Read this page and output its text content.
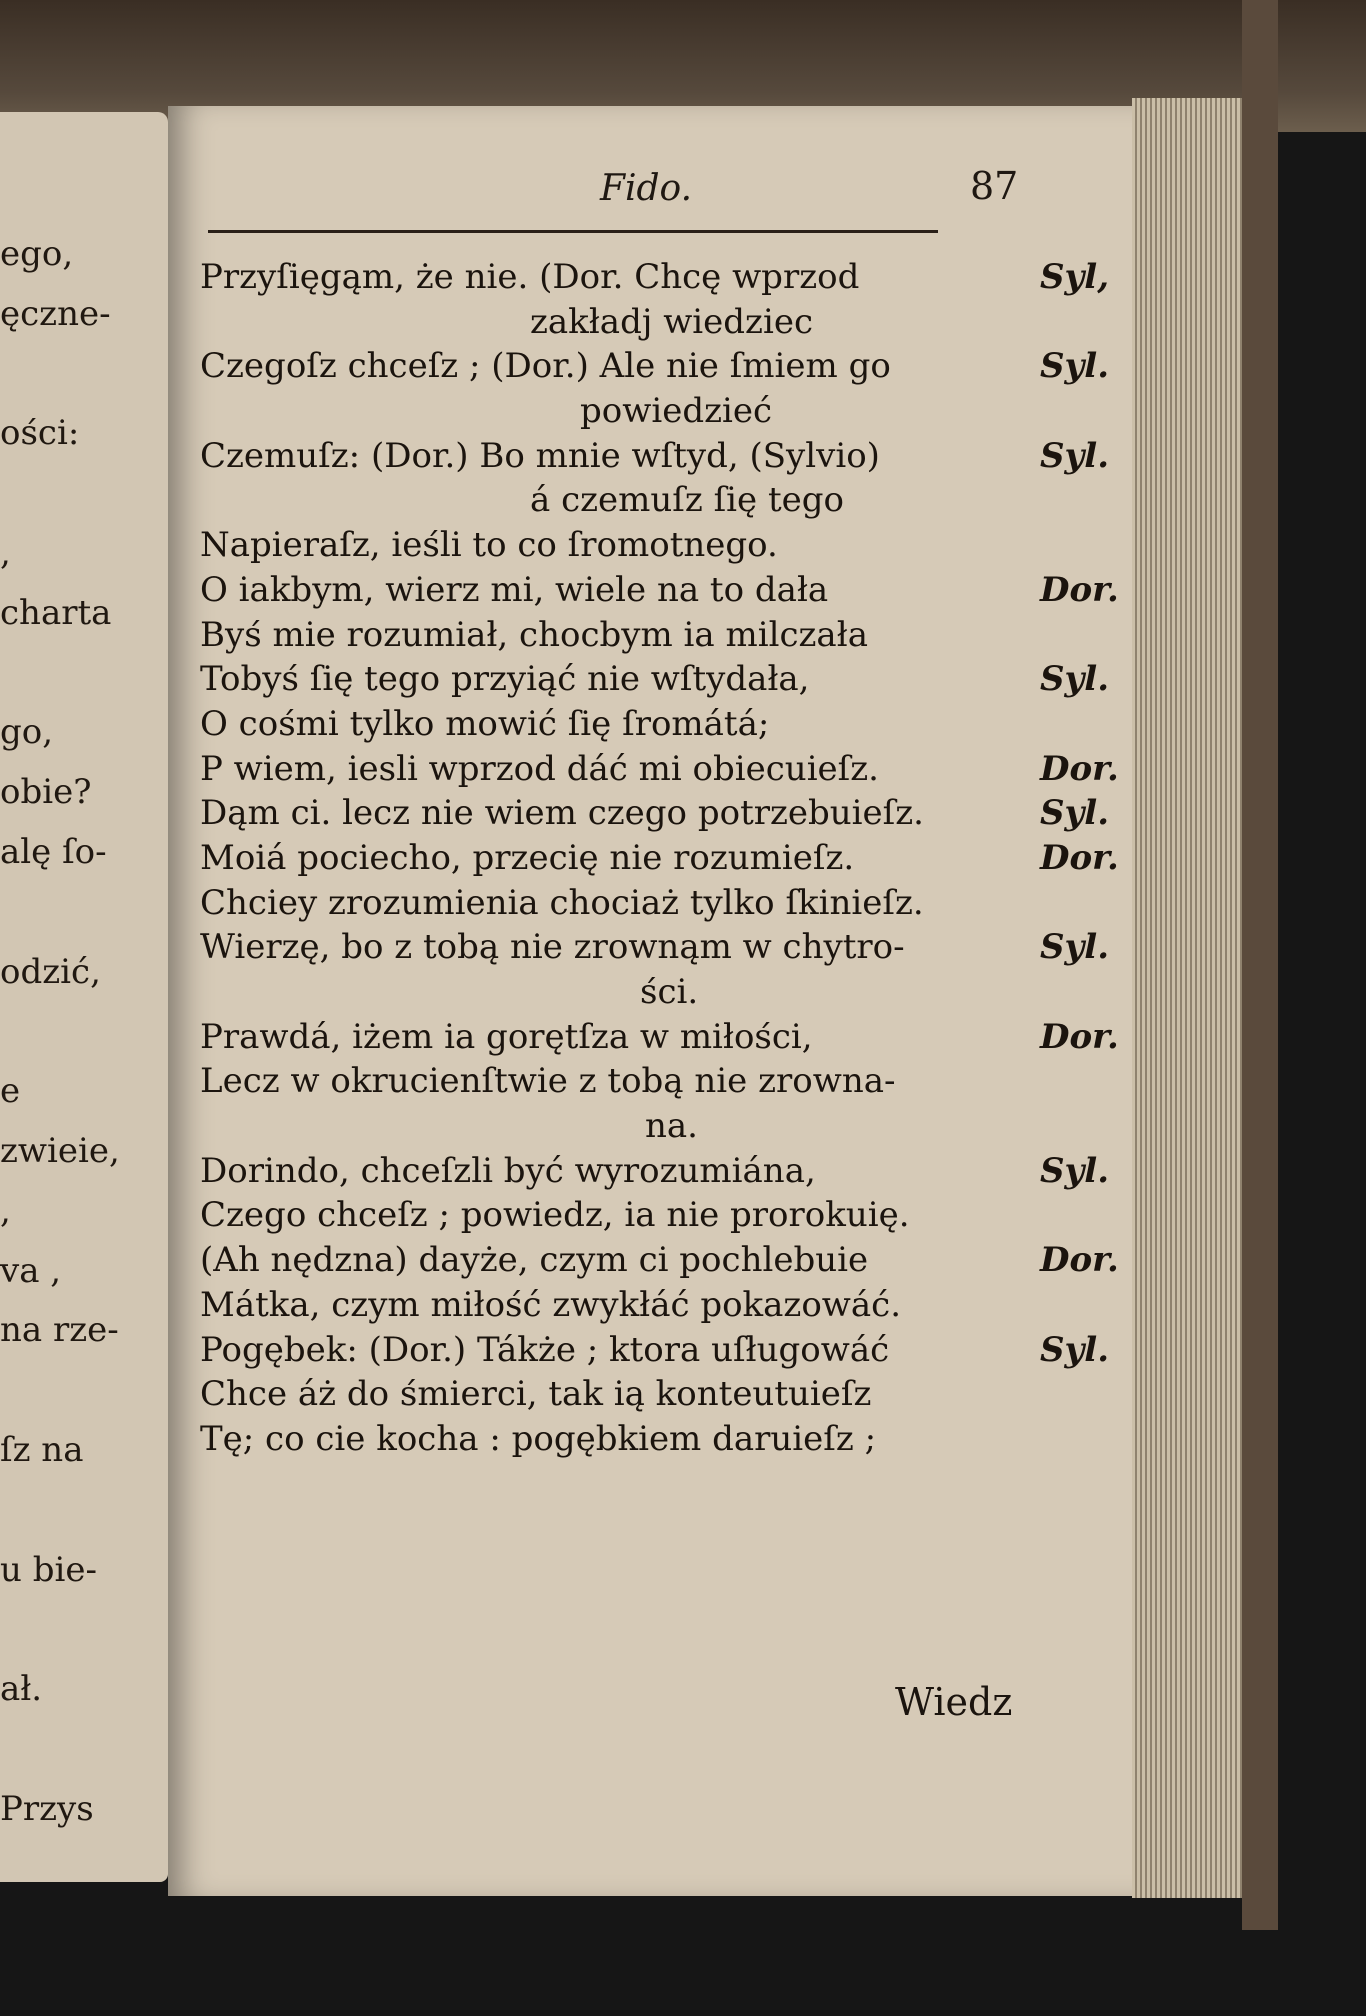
ego,
ęczne-
ości:
,
charta
go,
obie?
alę ſo-
odzić,
e
zwieie,
,
va ,
na rze-
ſz na
u bie-
ał.
Przys
Fido.	87
Przyſięgąm, że nie. (Dor. Chcę wprzod	Syl,
zakładj wiedziec
Czegoſz chceſz ; (Dor.) Ale nie ſmiem go	Syl.
powiedzieć
Czemuſz: (Dor.) Bo mnie wſtyd, (Sylvio)	Syl.
á czemuſz ſię tego
Napieraſz, ieśli to co ſromotnego.
O iakbym, wierz mi, wiele na to dała	Dor.
Byś mie rozumiał, chocbym ia milczała
Tobyś ſię tego przyiąć nie wſtydała,	Syl.
O cośmi tylko mowić ſię ſromátá;
P wiem, iesli wprzod dáć mi obiecuieſz.	Dor.
Dąm ci. lecz nie wiem czego potrzebuieſz.	Syl.
Moiá pociecho, przecię nie rozumieſz.	Dor.
Chciey zrozumienia chociaż tylko ſkinieſz.
Wierzę, bo z tobą nie zrownąm w chytro-	Syl.
ści.
Prawdá, iżem ia gorętſza w miłości,	Dor.
Lecz w okrucienſtwie z tobą nie zrowna-
na.
Dorindo, chceſzli być wyrozumiána,	Syl.
Czego chceſz ; powiedz, ia nie prorokuię.
(Ah nędzna) dayże, czym ci pochlebuie	Dor.
Mátka, czym miłość zwykłáć pokazowáć.
Pogębek: (Dor.) Tákże ; ktora uſługowáć	Syl.
Chce áż do śmierci, tak ią konteutuieſz
Tę; co cie kocha : pogębkiem daruieſz ;
Wiedz
